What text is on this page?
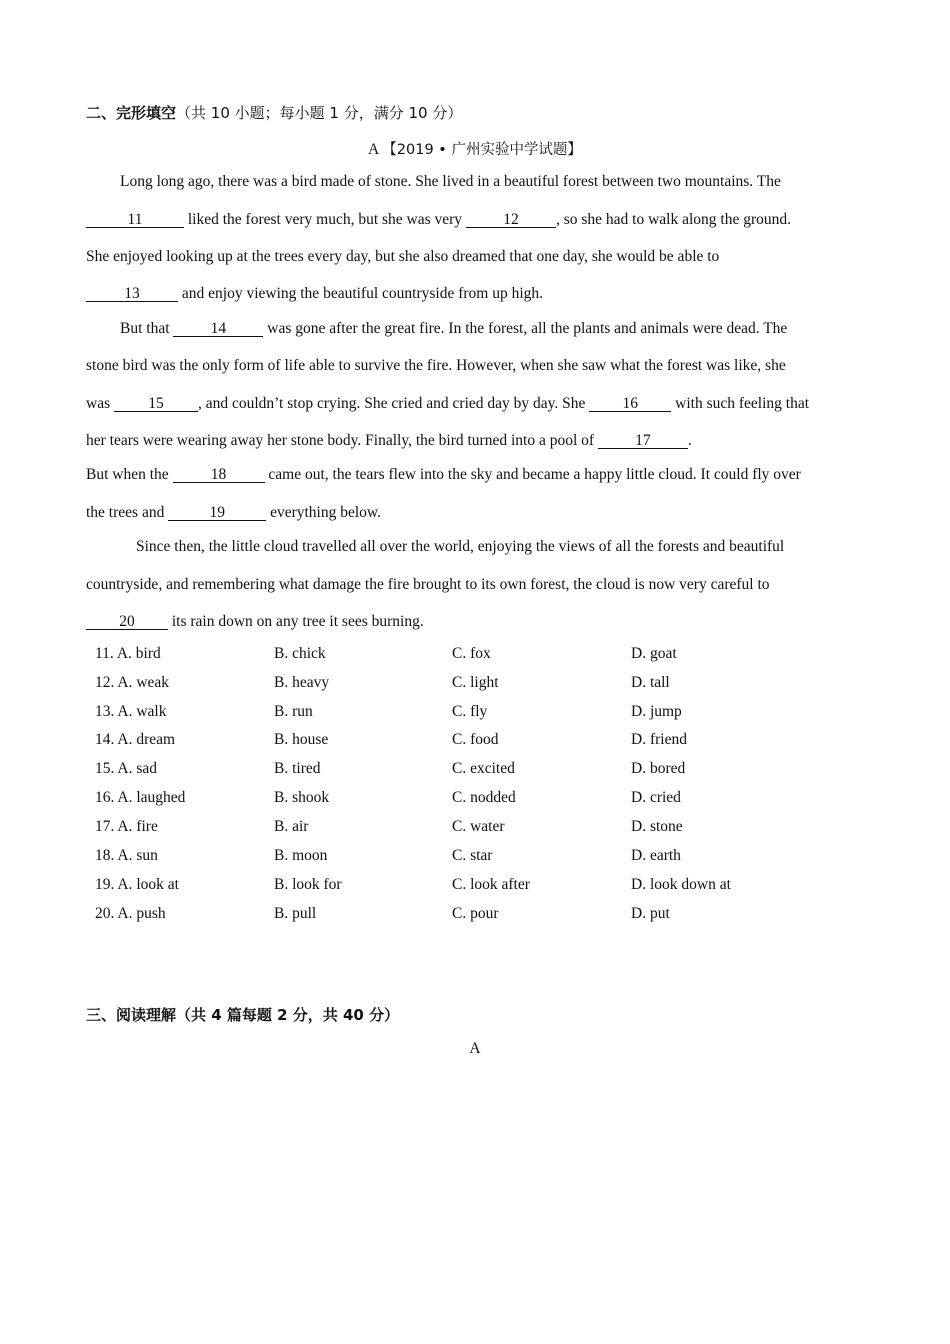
二、完形填空（共 10 小题；每小题 1 分，满分 10 分）
A 【2019 • 广州实验中学试题】
Long long ago, there was a bird made of stone. She lived in a beautiful forest between two mountains. The
11	liked the forest very much, but she was very	12 , so she had to walk along the ground.
She enjoyed looking up at the trees every day, but she also dreamed that one day, she would be able to
13	and enjoy viewing the beautiful countryside from up high.
But that	14	was gone after the great fire. In the forest, all the plants and animals were dead. The
stone bird was the only form of life able to survive the fire. However, when she saw what the forest was like, she
was 15 , and couldn’t stop crying. She cried and cried day by day. She 16 with such feeling that
her tears were wearing away her stone body. Finally, the bird turned into a pool of	17 .
But when the	18	came out, the tears flew into the sky and became a happy little cloud. It could fly over
the trees and	19	everything below.
Since then, the little cloud travelled all over the world, enjoying the views of all the forests and beautiful
countryside, and remembering what damage the fire brought to its own forest, the cloud is now very careful to
20 its rain down on any tree it sees burning.
11. A. bird	B. chick	C. fox	D. goat
12. A. weak	B. heavy	C. light	D. tall
13. A. walk	B. run	C. fly	D. jump
14. A. dream	B. house	C. food	D. friend
15. A. sad	B. tired	C. excited	D. bored
16. A. laughed	B. shook	C. nodded	D. cried
17. A. fire	B. air	C. water	D. stone
18. A. sun	B. moon	C. star	D. earth
19. A. look at	B. look for	C. look after	D. look down at
20. A. push	B. pull	C. pour	D. put
三、阅读理解（共 4 篇每题 2 分，共 40 分）
A
